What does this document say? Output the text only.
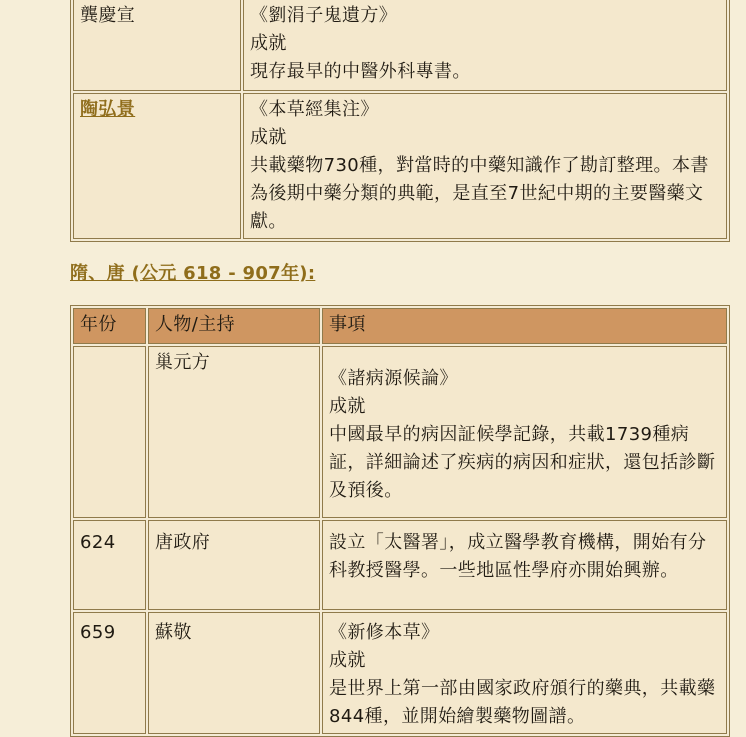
龔慶宣	《劉涓子鬼遺方》
成就
現存最早的中醫外科專書。

陶弘景	《本草經集注》
成就
共載藥物730種，對當時的中藥知識作了勘訂整理。本書為後期中藥分類的典範，是直至7世紀中期的主要醫藥文獻。
隋、唐 (公元 618 - 907年):
年份	人物/主持	事項
	巢元方	《諸病源候論》
成就
中國最早的病因証候學記錄，共載1739種病証，詳細論述了疾病的病因和症狀，還包括診斷及預後。

624	唐政府	設立「太醫署」，成立醫學教育機構，開始有分科教授醫學。一些地區性學府亦開始興辦。

659	蘇敬	《新修本草》
成就
是世界上第一部由國家政府頒行的藥典，共載藥844種，並開始繪製藥物圖譜。
